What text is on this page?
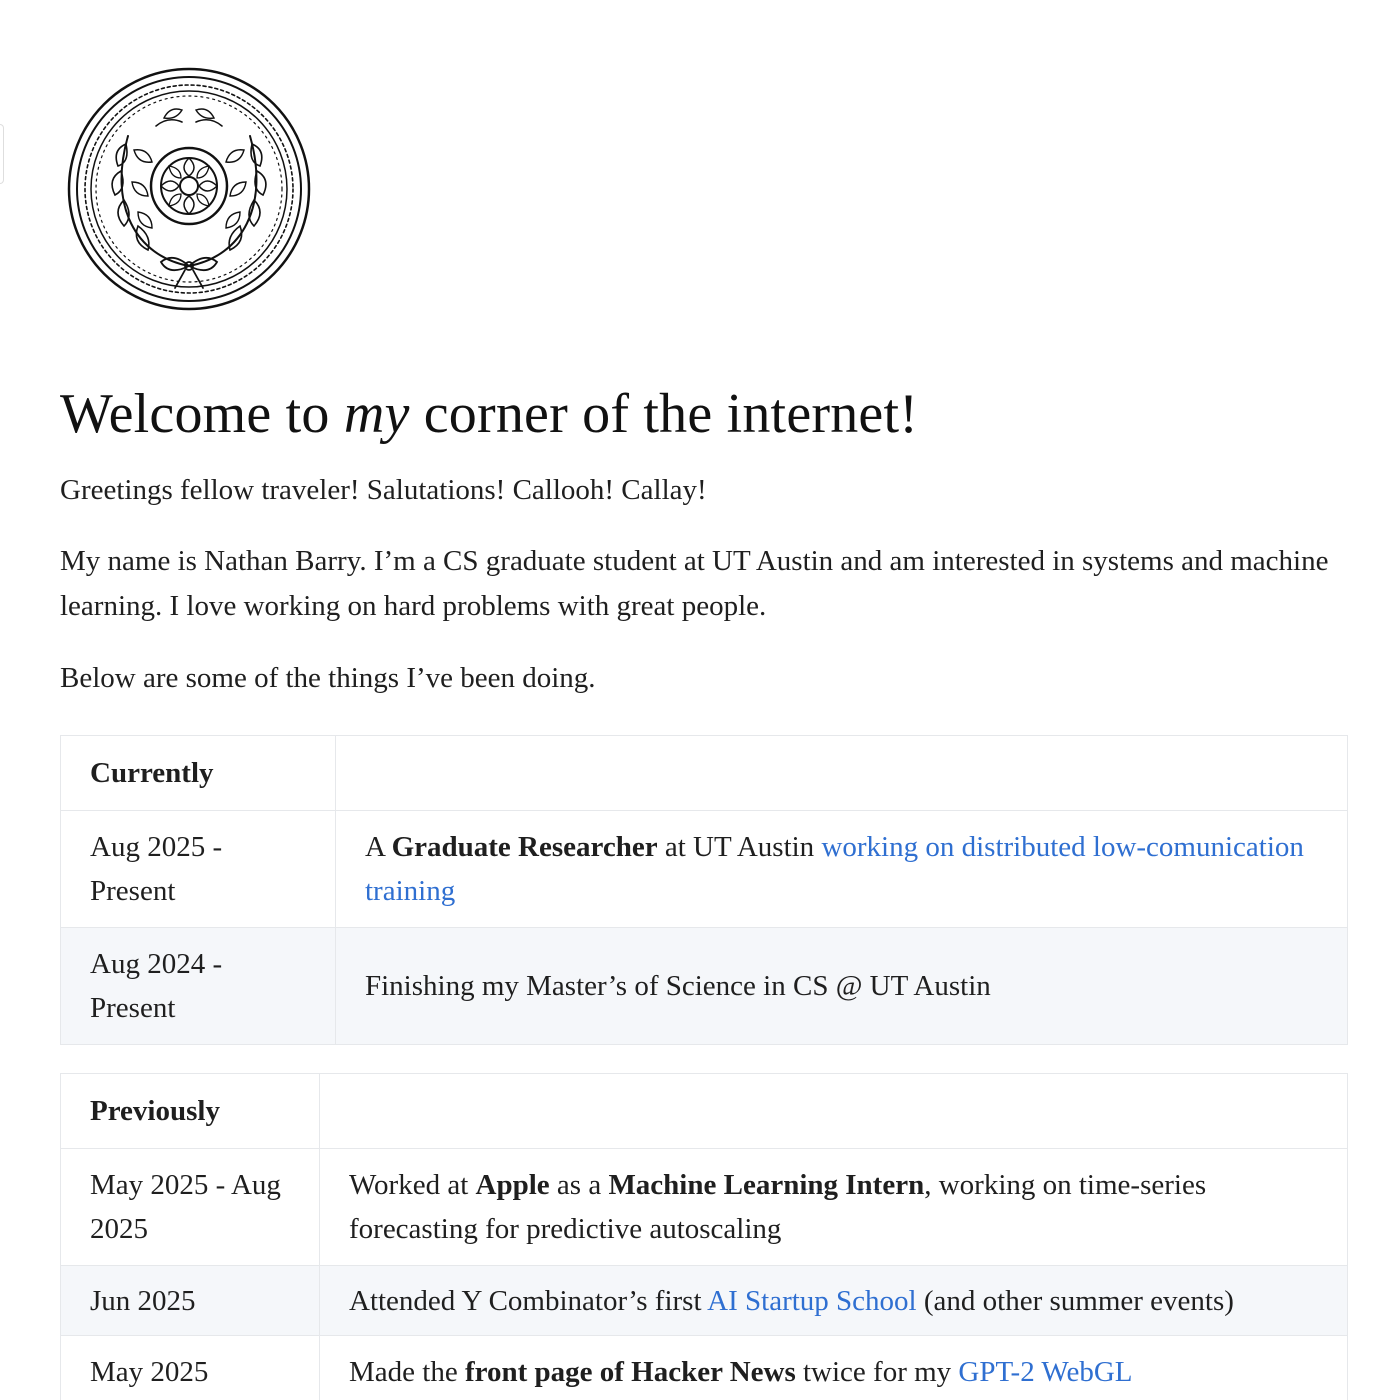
Welcome to my corner of the internet!

Greetings fellow traveler! Salutations! Callooh! Callay!

My name is Nathan Barry. I’m a CS graduate student at UT Austin and am interested in systems and machine learning. I love working on hard problems with great people.

Below are some of the things I’ve been doing.

Currently	
Aug 2025 - Present	A Graduate Researcher at UT Austin working on distributed low-comunication training
Aug 2024 - Present	Finishing my Master’s of Science in CS @ UT Austin
Previously	
May 2025 - Aug 2025	Worked at Apple as a Machine Learning Intern, working on time-series forecasting for predictive autoscaling
Jun 2025	Attended Y Combinator’s first AI Startup School (and other summer events)
May 2025	Made the front page of Hacker News twice for my GPT-2 WebGL
